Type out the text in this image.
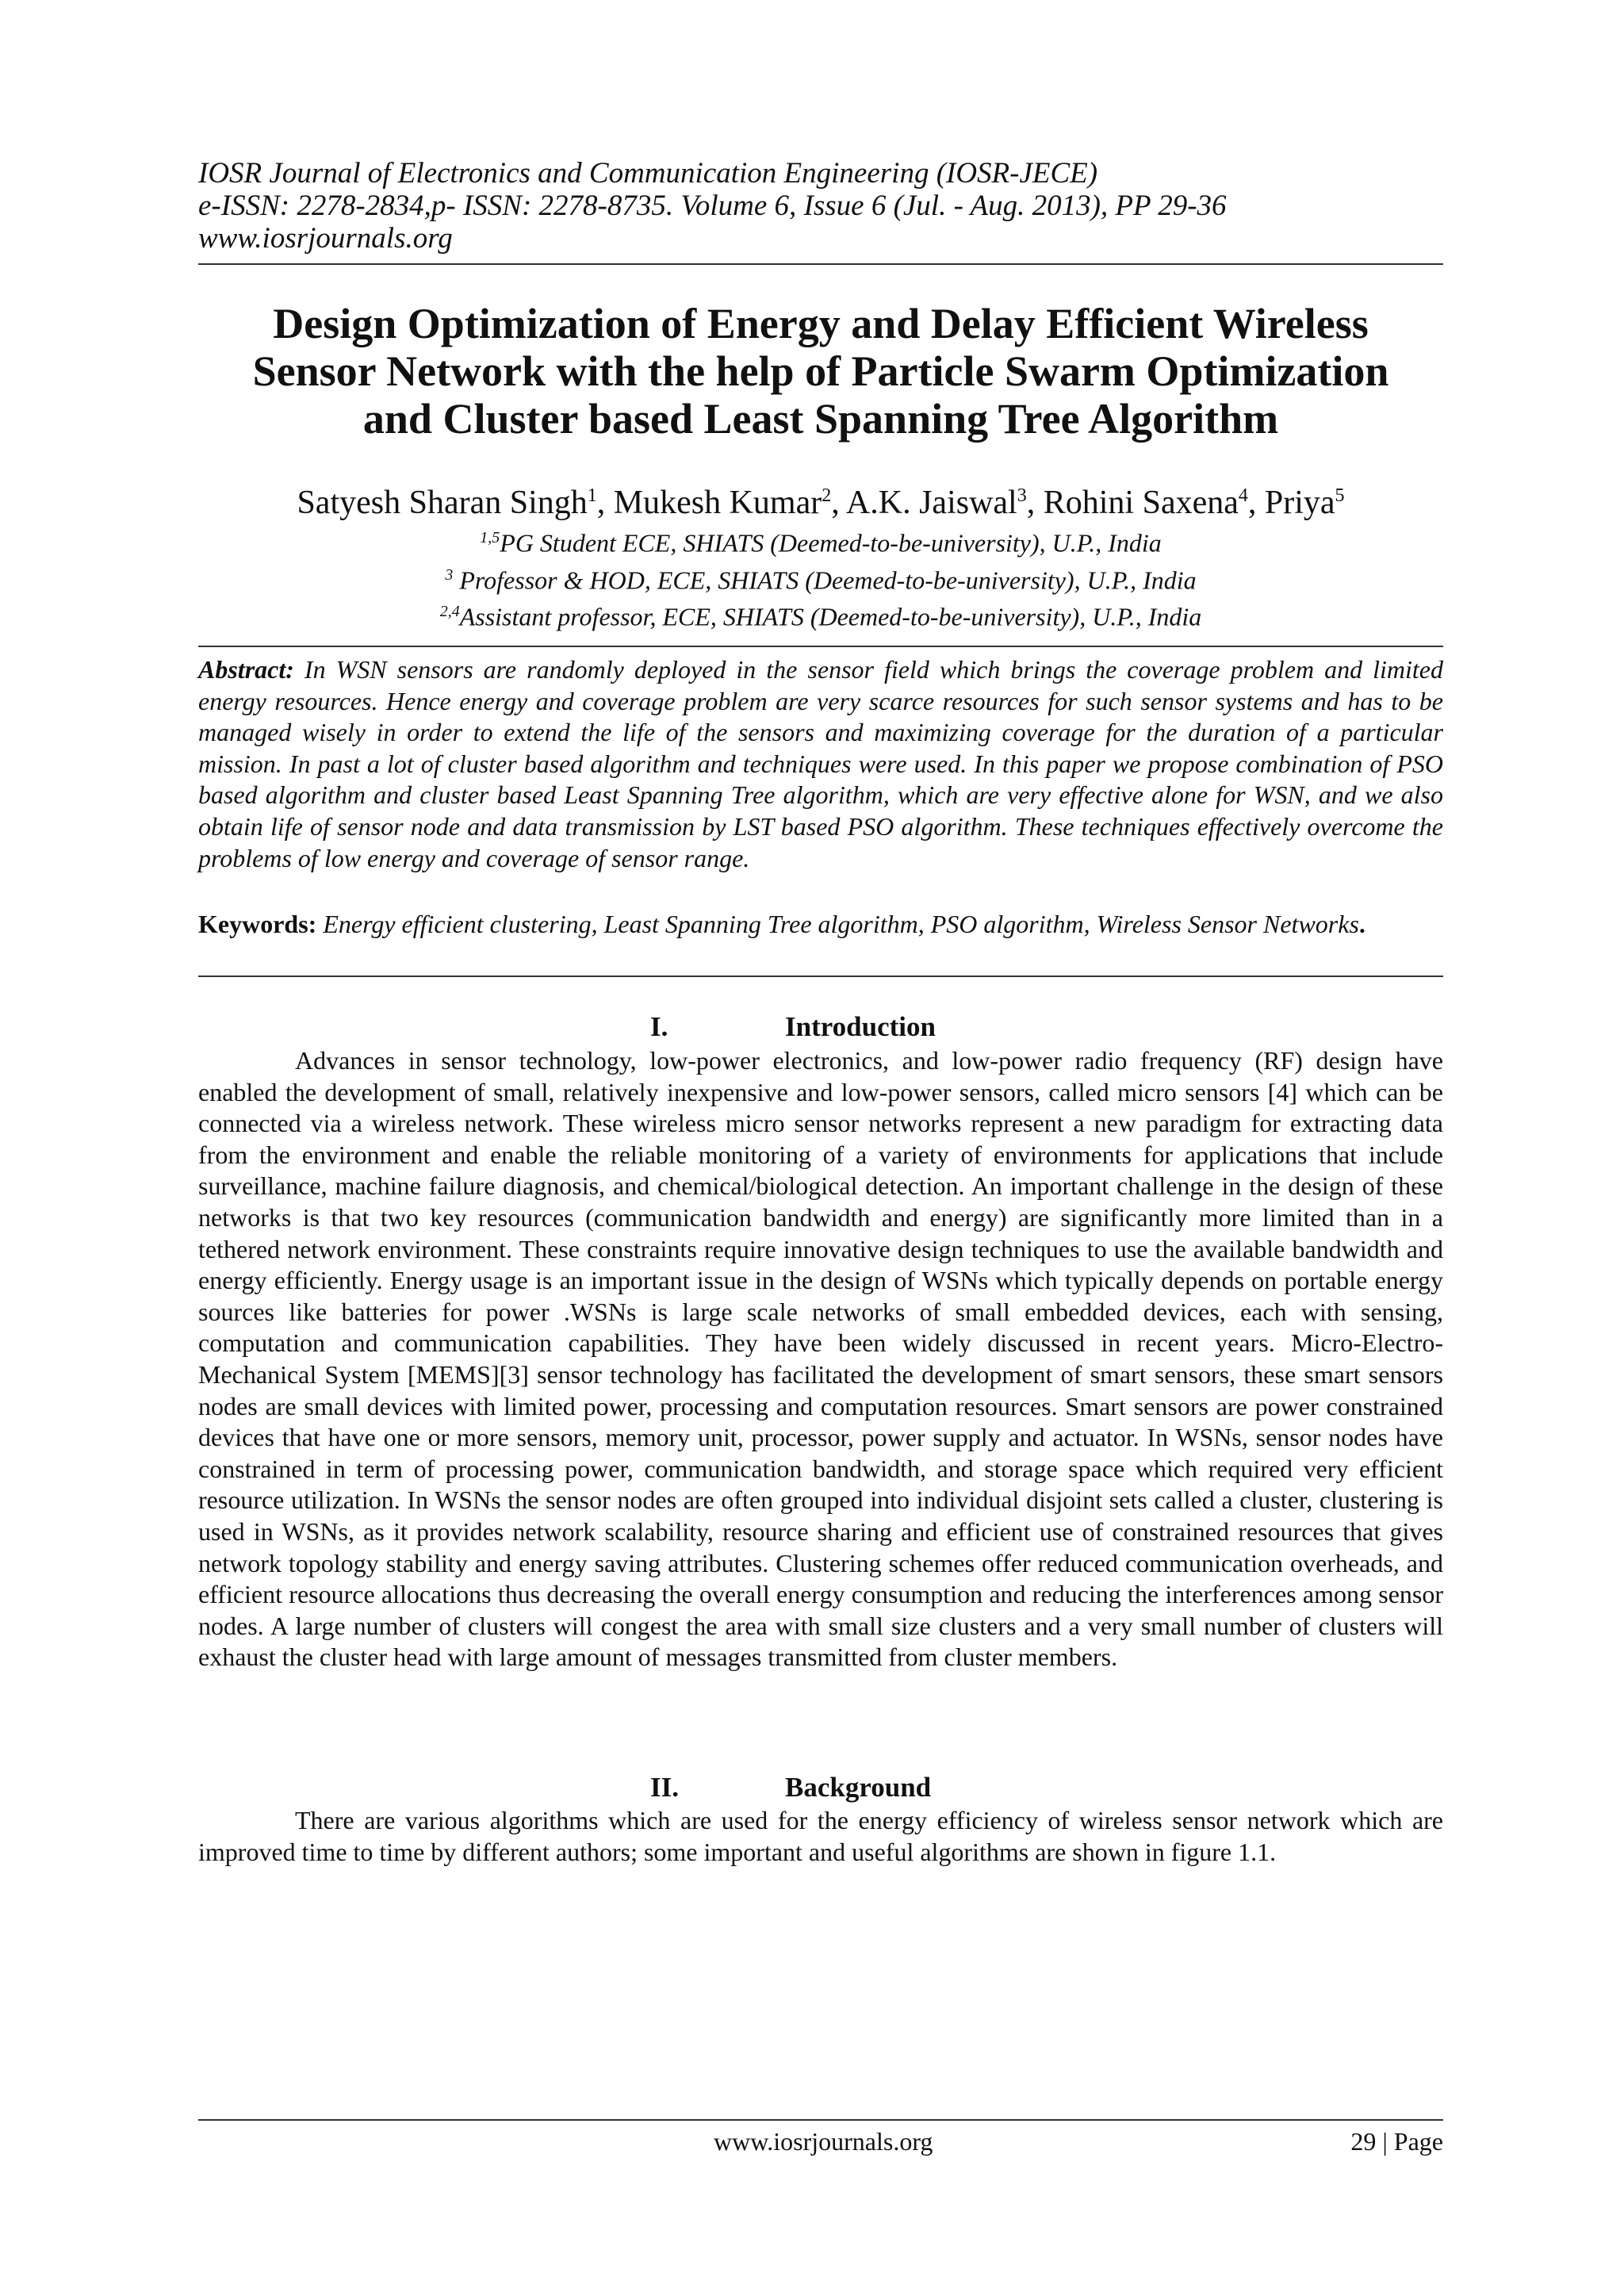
IOSR Journal of Electronics and Communication Engineering (IOSR-JECE)
e-ISSN: 2278-2834,p- ISSN: 2278-8735. Volume 6, Issue 6 (Jul. - Aug. 2013), PP 29-36
www.iosrjournals.org
Design Optimization of Energy and Delay Efficient Wireless
Sensor Network with the help of Particle Swarm Optimization
and Cluster based Least Spanning Tree Algorithm
Satyesh Sharan Singh$^1$, Mukesh Kumar$^2$, A.K. Jaiswal$^3$, Rohini Saxena$^4$, Priya$^5$
$^{1,5}$PG Student ECE, SHIATS (Deemed-to-be-university), U.P., India
$^3$ Professor & HOD, ECE, SHIATS (Deemed-to-be-university), U.P., India
$^{2,4}$Assistant professor, ECE, SHIATS (Deemed-to-be-university), U.P., India
Abstract: In WSN sensors are randomly deployed in the sensor field which brings the coverage problem and limited energy resources. Hence energy and coverage problem are very scarce resources for such sensor systems and has to be managed wisely in order to extend the life of the sensors and maximizing coverage for the duration of a particular mission. In past a lot of cluster based algorithm and techniques were used. In this paper we propose combination of PSO based algorithm and cluster based Least Spanning Tree algorithm, which are very effective alone for WSN, and we also obtain life of sensor node and data transmission by LST based PSO algorithm. These techniques effectively overcome the problems of low energy and coverage of sensor range.
Keywords: Energy efficient clustering, Least Spanning Tree algorithm, PSO algorithm, Wireless Sensor Networks.
I.	Introduction

Advances in sensor technology, low-power electronics, and low-power radio frequency (RF) design have enabled the development of small, relatively inexpensive and low-power sensors, called micro sensors [4] which can be connected via a wireless network. These wireless micro sensor networks represent a new paradigm for extracting data from the environment and enable the reliable monitoring of a variety of environments for applications that include surveillance, machine failure diagnosis, and chemical/biological detection. An important challenge in the design of these networks is that two key resources (communication bandwidth and energy) are significantly more limited than in a tethered network environment. These constraints require innovative design techniques to use the available bandwidth and energy efficiently. Energy usage is an important issue in the design of WSNs which typically depends on portable energy sources like batteries for power .WSNs is large scale networks of small embedded devices, each with sensing, computation and communication capabilities. They have been widely discussed in recent years. Micro-Electro-Mechanical System [MEMS][3] sensor technology has facilitated the development of smart sensors, these smart sensors nodes are small devices with limited power, processing and computation resources. Smart sensors are power constrained devices that have one or more sensors, memory unit, processor, power supply and actuator. In WSNs, sensor nodes have constrained in term of processing power, communication bandwidth, and storage space which required very efficient resource utilization. In WSNs the sensor nodes are often grouped into individual disjoint sets called a cluster, clustering is used in WSNs, as it provides network scalability, resource sharing and efficient use of constrained resources that gives network topology stability and energy saving attributes. Clustering schemes offer reduced communication overheads, and efficient resource allocations thus decreasing the overall energy consumption and reducing the interferences among sensor nodes. A large number of clusters will congest the area with small size clusters and a very small number of clusters will exhaust the cluster head with large amount of messages transmitted from cluster members.

II.	Background

There are various algorithms which are used for the energy efficiency of wireless sensor network which are improved time to time by different authors; some important and useful algorithms are shown in figure 1.1.

www.iosrjournals.org	29 | Page
